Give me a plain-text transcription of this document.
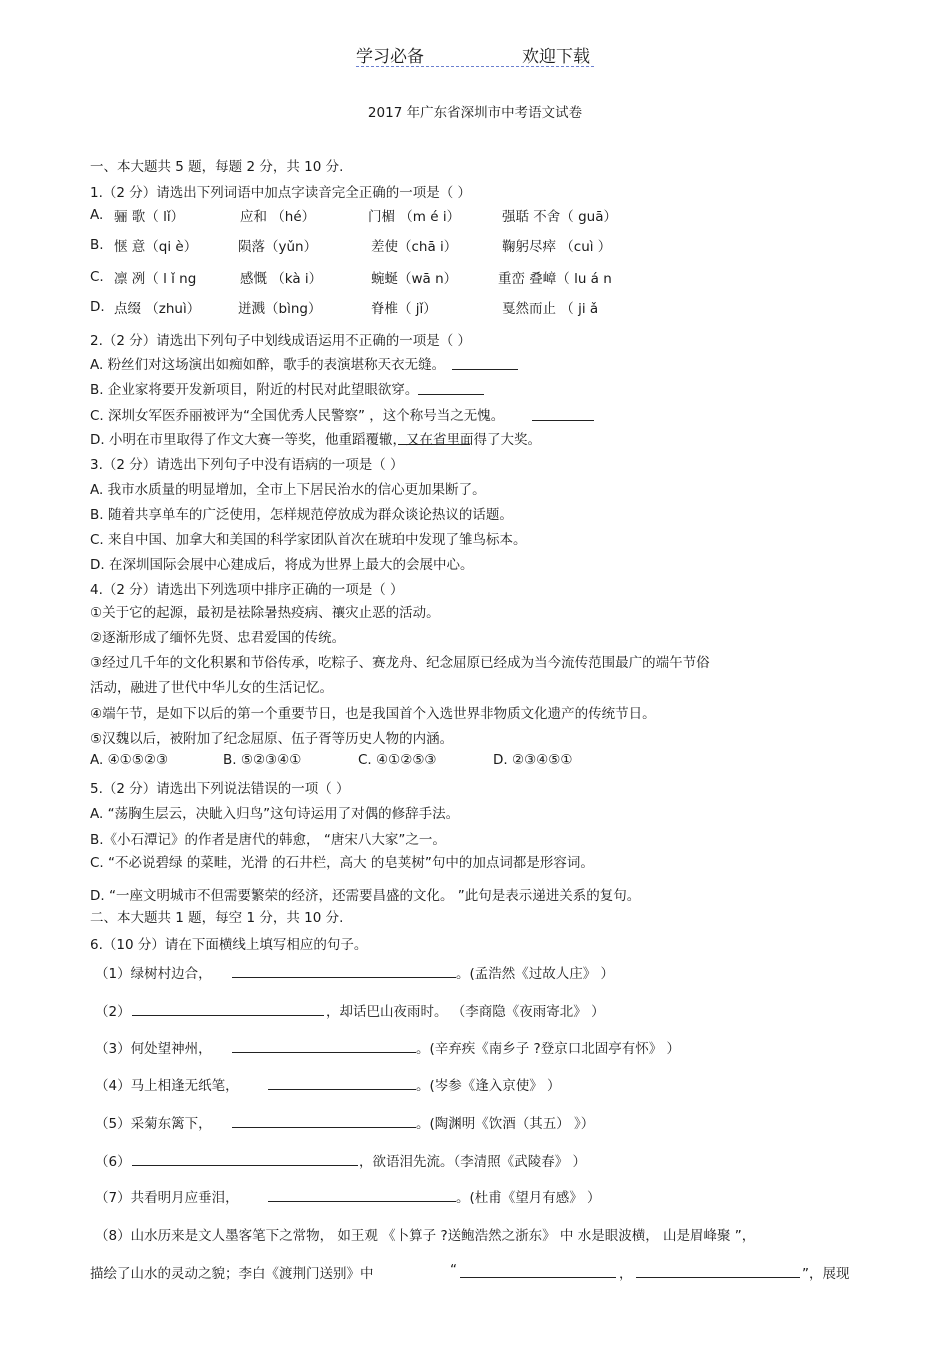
学习必备	欢迎下载
2017 年广东省深圳市中考语文试卷
一、本大题共 5 题，每题 2 分，共 10 分.
1.（2 分）请选出下列词语中加点字读音完全正确的一项是（ ）
A. 骊 歌（ lǐ）	应和 （hé）	门楣 （m é i）	强聒 不舍（ guā）
B. 惬 意（qi è）	陨落（yǔn）	差使（chā i）	鞠躬尽瘁 （cuì ）
C. 凛 冽（ l ǐ ng	感慨 （kà i）	蜿蜒（wā n）	重峦 叠嶂（ lu á n
D. 点缀 （zhuì）	迸溅（bìng）	脊椎（ jǐ）	戛然而止 （ ji ǎ
2.（2 分）请选出下列句子中划线成语运用不正确的一项是（ ）
A. 粉丝们对这场演出如痴如醉，歌手的表演堪称天衣无缝。
B. 企业家将要开发新项目，附近的村民对此望眼欲穿。
C. 深圳女军医乔丽被评为“全国优秀人民警察” ，这个称号当之无愧。
D. 小明在市里取得了作文大赛一等奖，他重蹈覆辙，又在省里面得了大奖。
3.（2 分）请选出下列句子中没有语病的一项是（ ）
A. 我市水质量的明显增加，全市上下居民治水的信心更加果断了。
B. 随着共享单车的广泛使用，怎样规范停放成为群众谈论热议的话题。
C. 来自中国、加拿大和美国的科学家团队首次在琥珀中发现了雏鸟标本。
D. 在深圳国际会展中心建成后，将成为世界上最大的会展中心。
4.（2 分）请选出下列选项中排序正确的一项是（ ）
①关于它的起源，最初是祛除暑热疫病、禳灾止恶的活动。
②逐渐形成了缅怀先贤、忠君爱国的传统。
③经过几千年的文化积累和节俗传承，吃粽子、赛龙舟、纪念屈原已经成为当今流传范围最广的端午节俗
活动，融进了世代中华儿女的生活记忆。
④端午节，是如下以后的第一个重要节日，也是我国首个入选世界非物质文化遗产的传统节日。
⑤汉魏以后，被附加了纪念屈原、伍子胥等历史人物的内涵。
A. ④①⑤②③	B. ⑤②③④①	C. ④①②⑤③	D. ②③④⑤①
5.（2 分）请选出下列说法错误的一项（ ）
A. “荡胸生层云，决眦入归鸟”这句诗运用了对偶的修辞手法。
B.《小石潭记》的作者是唐代的韩愈， “唐宋八大家”之一。
C. “不必说碧绿 的菜畦，光滑 的石井栏，高大 的皂荚树”句中的加点词都是形容词。
D. “一座文明城市不但需要繁荣的经济，还需要昌盛的文化。 ”此句是表示递进关系的复句。
二、本大题共 1 题，每空 1 分，共 10 分.
6.（10 分）请在下面横线上填写相应的句子。
（1）绿树村边合，	。(孟浩然《过故人庄》 ）
（2）	，却话巴山夜雨时。 （李商隐《夜雨寄北》 ）
（3）何处望神州，	。(辛弃疾《南乡子 ?登京口北固亭有怀》 ）
（4）马上相逢无纸笔，	。(岑参《逢入京使》 ）
（5）采菊东篱下，	。(陶渊明《饮酒（其五） 》）
（6）	，欲语泪先流。（李清照《武陵春》 ）
（7）共看明月应垂泪，	。(杜甫《望月有感》 ）
（8）山水历来是文人墨客笔下之常物， 如王观 《卜算子 ?送鲍浩然之浙东》 中 水是眼波横， 山是眉峰聚 ”，
描绘了山水的灵动之貌；李白《渡荆门送别》中	“	，	”，展现
